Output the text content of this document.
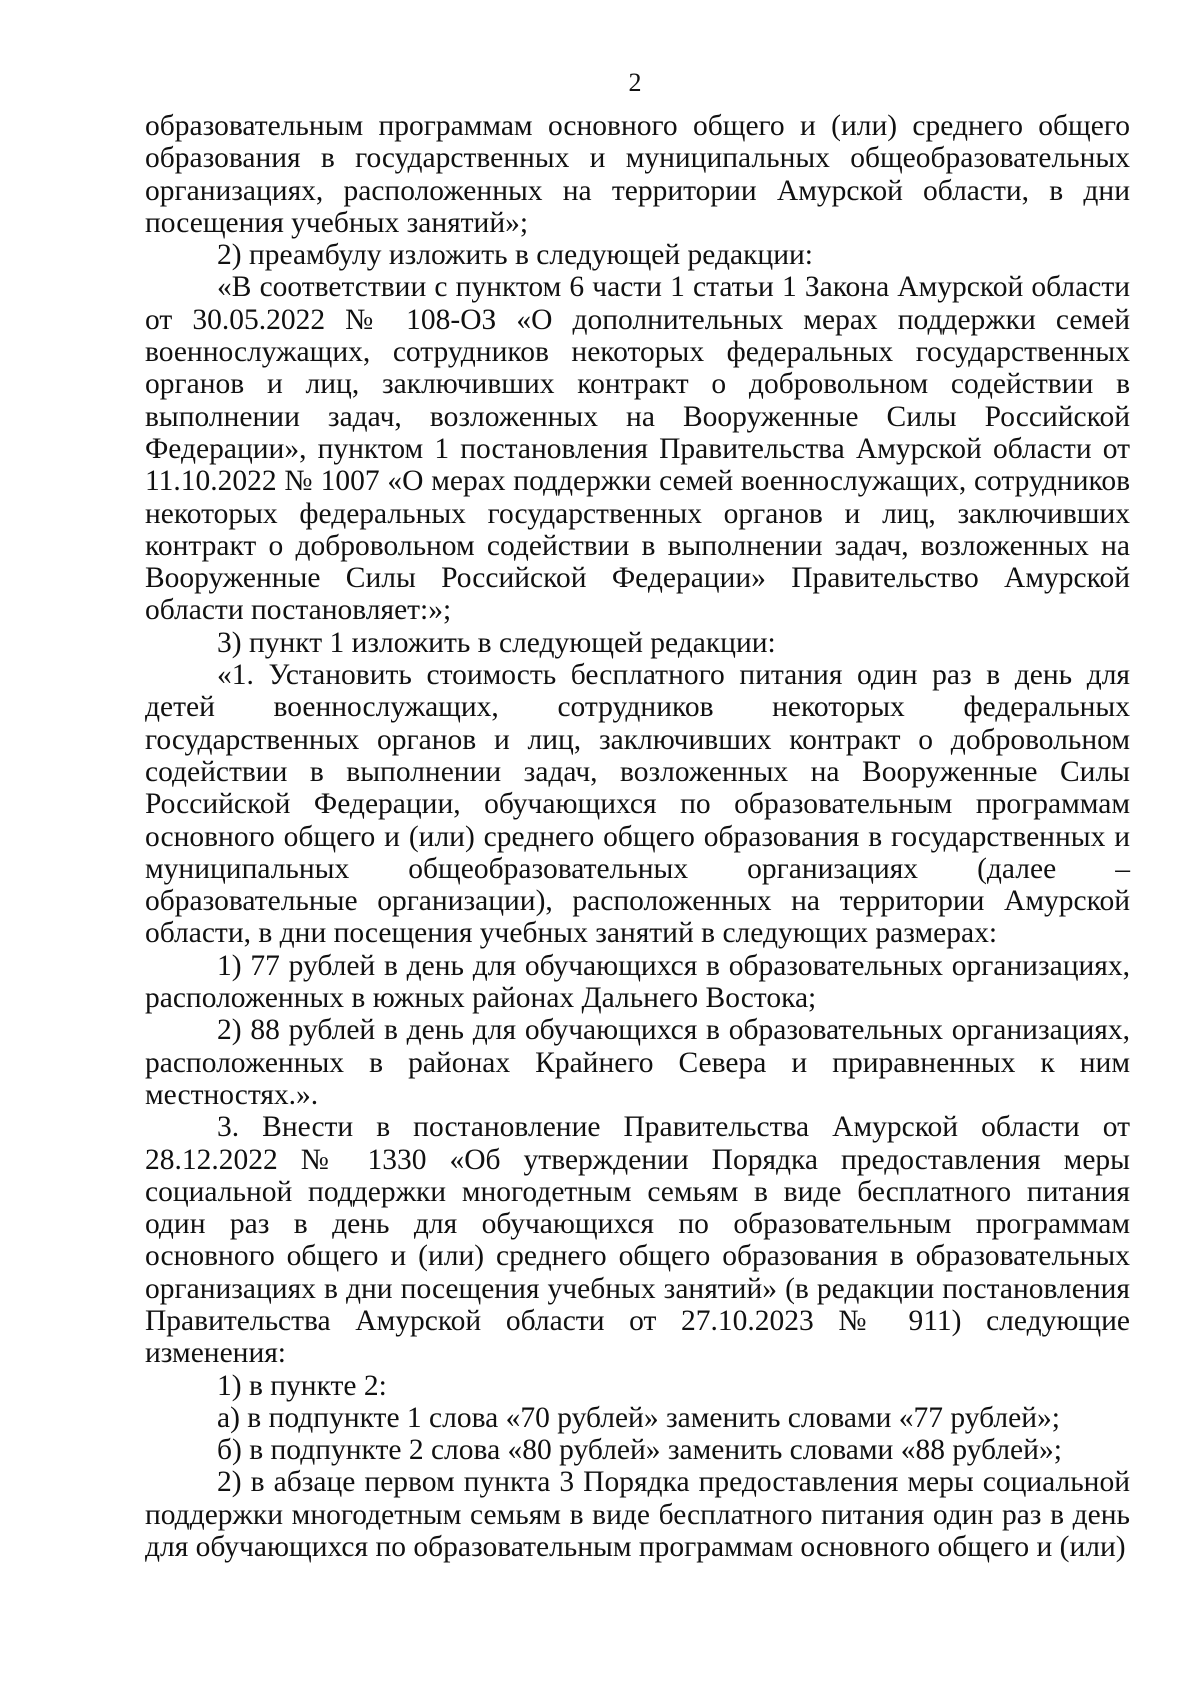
2

образовательным программам основного общего и (или) среднего общего образования в государственных и муниципальных общеобразовательных организациях, расположенных на территории Амурской области, в дни посещения учебных занятий»;

2) преамбулу изложить в следующей редакции:

«В соответствии с пунктом 6 части 1 статьи 1 Закона Амурской области от 30.05.2022 № 108-ОЗ «О дополнительных мерах поддержки семей военнослужащих, сотрудников некоторых федеральных государственных органов и лиц, заключивших контракт о добровольном содействии в выполнении задач, возложенных на Вооруженные Силы Российской Федерации», пунктом 1 постановления Правительства Амурской области от 11.10.2022 № 1007 «О мерах поддержки семей военнослужащих, сотрудников некоторых федеральных государственных органов и лиц, заключивших контракт о добровольном содействии в выполнении задач, возложенных на Вооруженные Силы Российской Федерации» Правительство Амурской области постановляет:»;

3) пункт 1 изложить в следующей редакции:

«1. Установить стоимость бесплатного питания один раз в день для детей военнослужащих, сотрудников некоторых федеральных государственных органов и лиц, заключивших контракт о добровольном содействии в выполнении задач, возложенных на Вооруженные Силы Российской Федерации, обучающихся по образовательным программам основного общего и (или) среднего общего образования в государственных и муниципальных общеобразовательных организациях (далее – образовательные организации), расположенных на территории Амурской области, в дни посещения учебных занятий в следующих размерах:

1) 77 рублей в день для обучающихся в образовательных организациях, расположенных в южных районах Дальнего Востока;

2) 88 рублей в день для обучающихся в образовательных организациях, расположенных в районах Крайнего Севера и приравненных к ним местностях.».

3. Внести в постановление Правительства Амурской области от 28.12.2022 № 1330 «Об утверждении Порядка предоставления меры социальной поддержки многодетным семьям в виде бесплатного питания один раз в день для обучающихся по образовательным программам основного общего и (или) среднего общего образования в образовательных организациях в дни посещения учебных занятий» (в редакции постановления Правительства Амурской области от 27.10.2023 № 911) следующие изменения:

1) в пункте 2:

а) в подпункте 1 слова «70 рублей» заменить словами «77 рублей»;

б) в подпункте 2 слова «80 рублей» заменить словами «88 рублей»;

2) в абзаце первом пункта 3 Порядка предоставления меры социальной поддержки многодетным семьям в виде бесплатного питания один раз в день для обучающихся по образовательным программам основного общего и (или)
